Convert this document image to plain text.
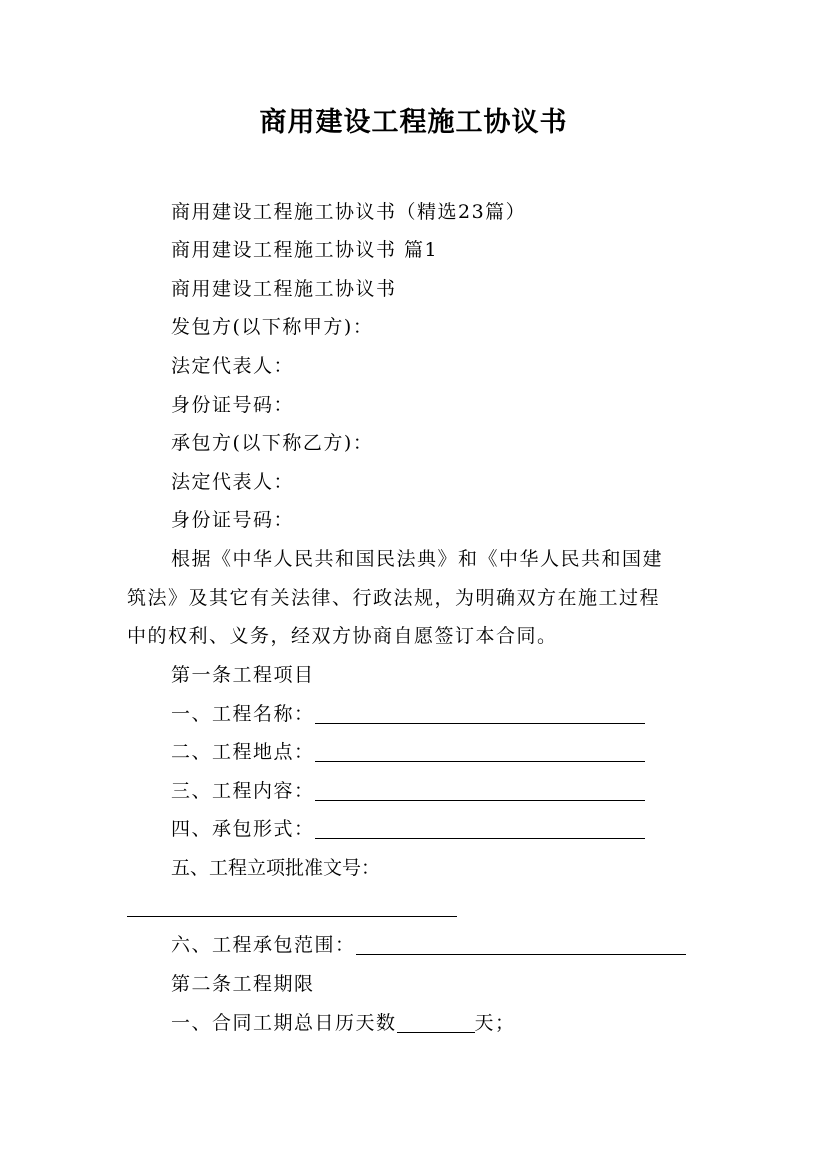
商用建设工程施工协议书
商用建设工程施工协议书（精选23篇）
商用建设工程施工协议书 篇1
商用建设工程施工协议书
发包方(以下称甲方)：
法定代表人：
身份证号码：
承包方(以下称乙方)：
法定代表人：
身份证号码：
根据《中华人民共和国民法典》和《中华人民共和国建
筑法》及其它有关法律、行政法规，为明确双方在施工过程
中的权利、义务，经双方协商自愿签订本合同。
第一条工程项目
一、工程名称：
二、工程地点：
三、工程内容：
四、承包形式：
五、工程立项批准文号：
六、工程承包范围：
第二条工程期限
一、合同工期总日历天数	天；
